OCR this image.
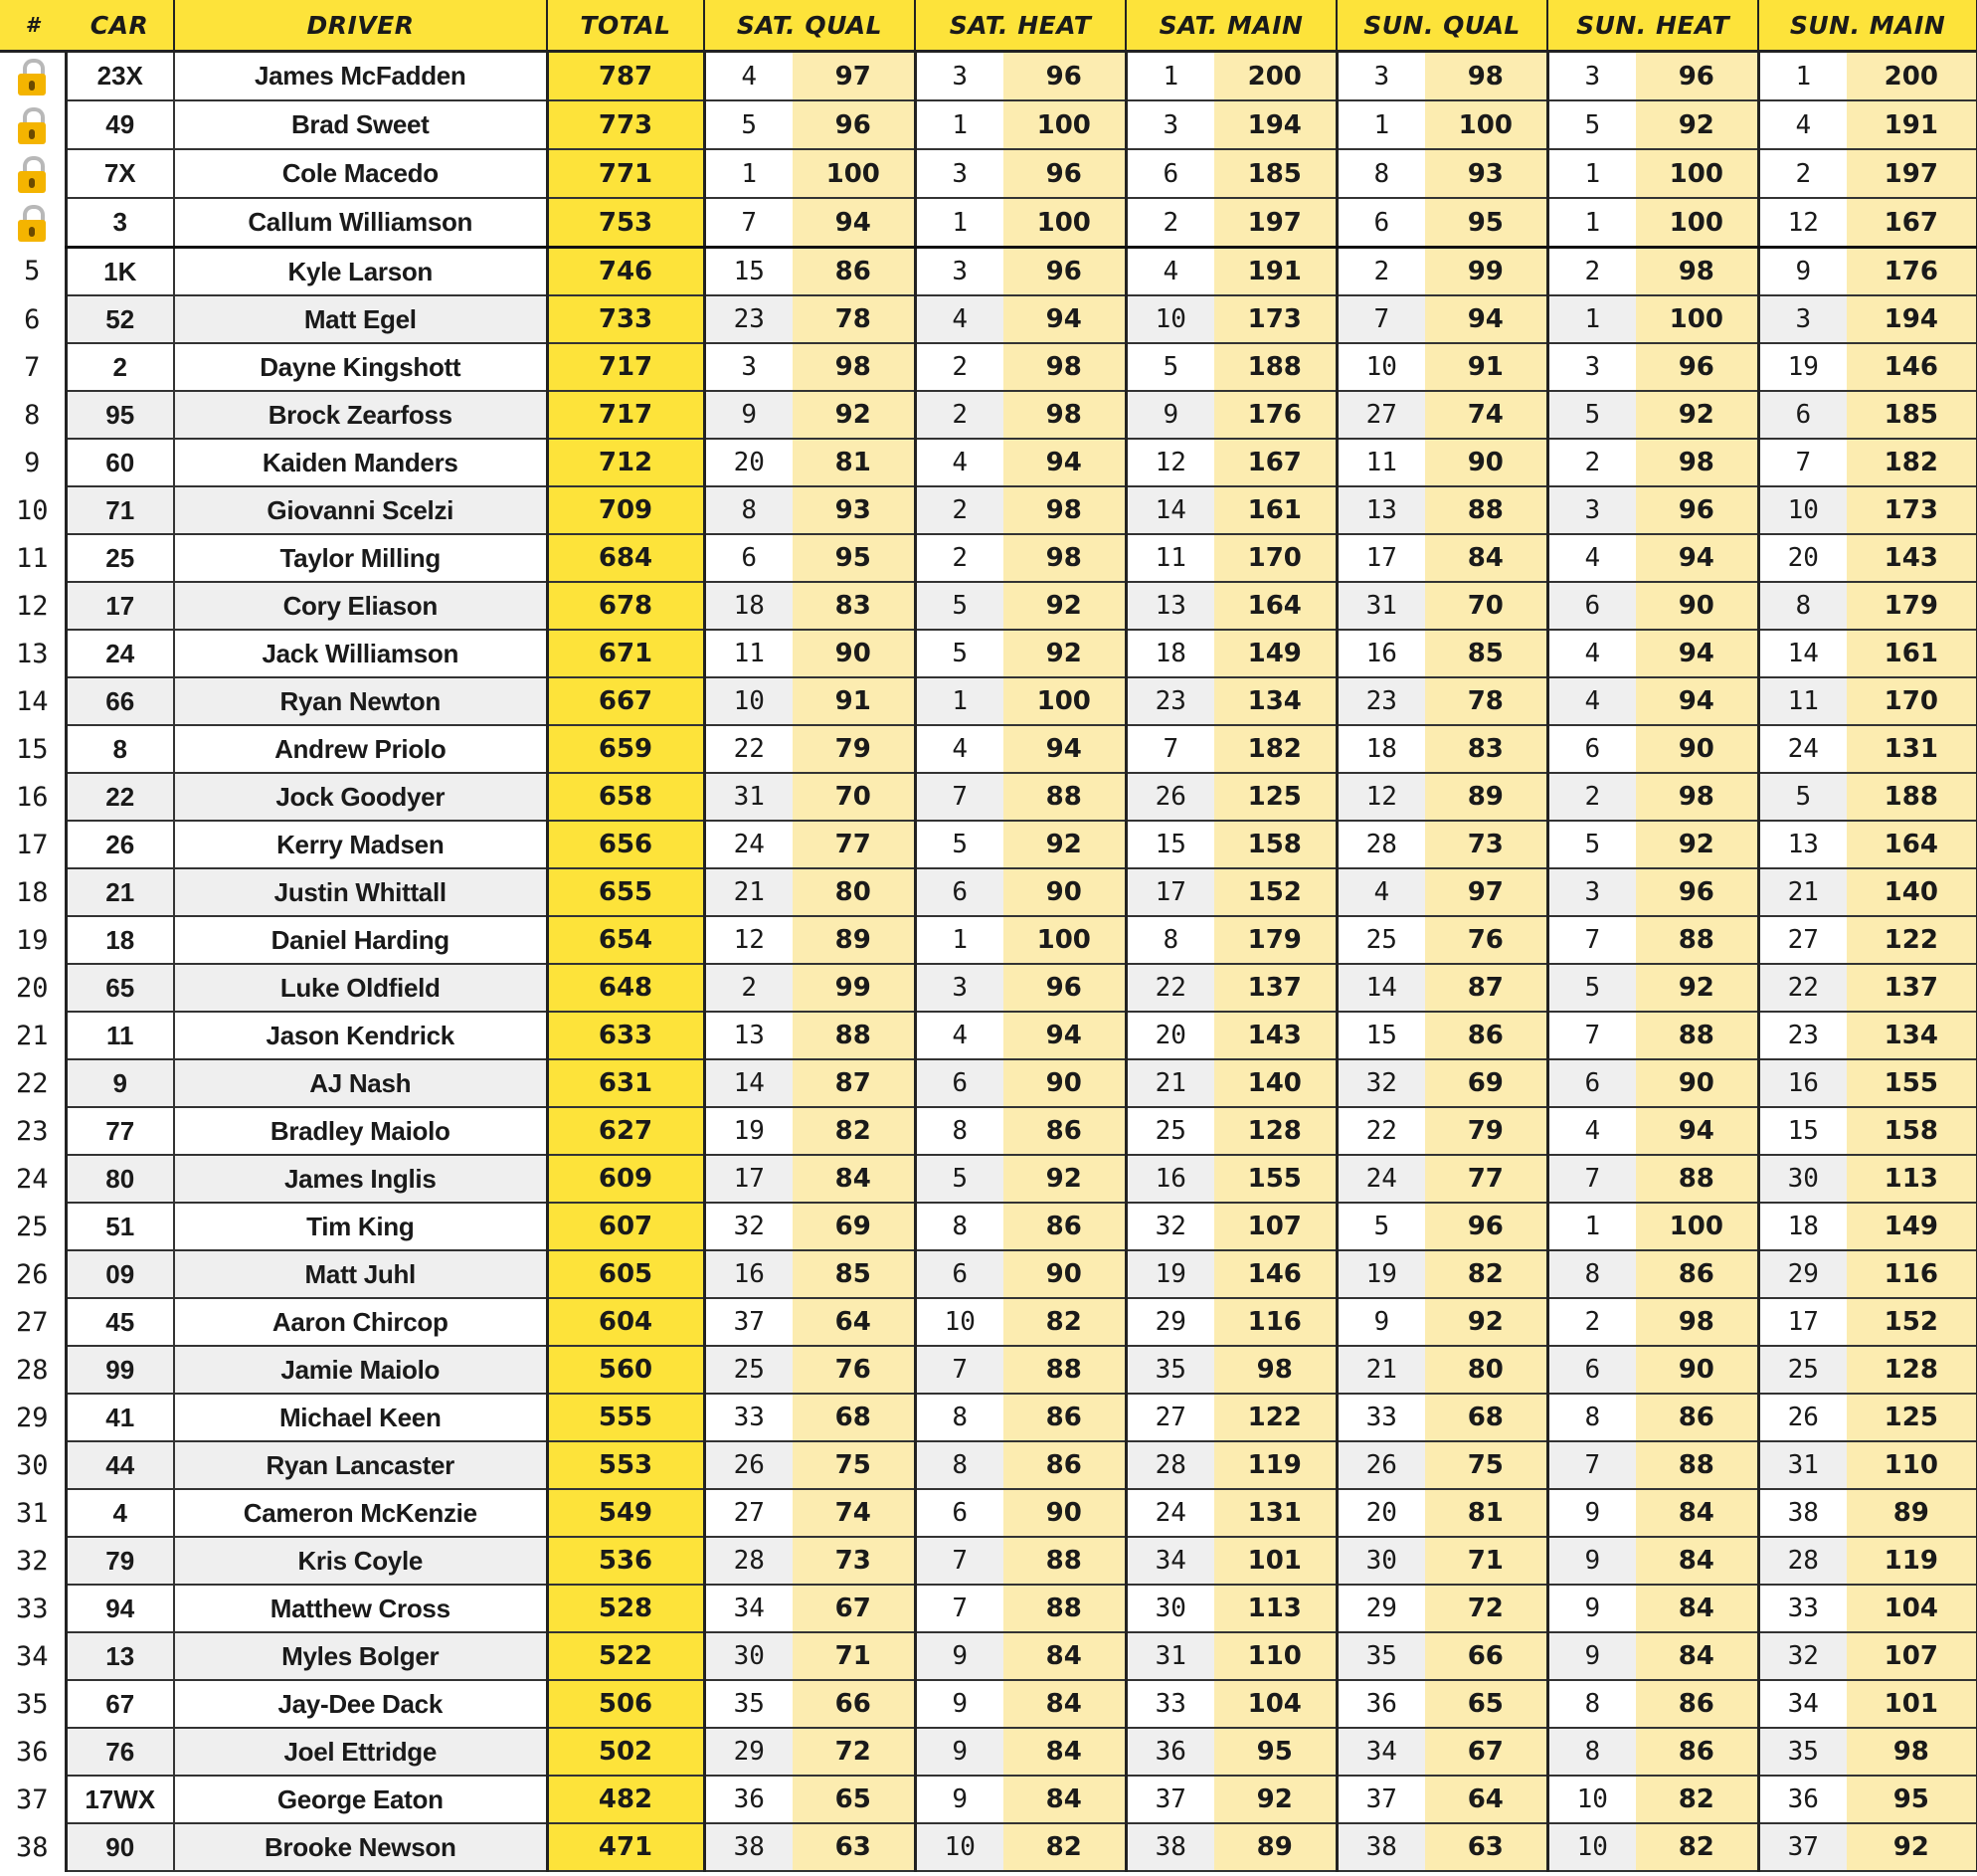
#	CAR	DRIVER	TOTAL	SAT. QUAL		SAT. HEAT		SAT. MAIN		SUN. QUAL		SUN. HEAT		SUN. MAIN	

	23X	James McFadden	787	4	97	3	96	1	200	3	98	3	96	1	200

	49	Brad Sweet	773	5	96	1	100	3	194	1	100	5	92	4	191

	7X	Cole Macedo	771	1	100	3	96	6	185	8	93	1	100	2	197

	3	Callum Williamson	753	7	94	1	100	2	197	6	95	1	100	12	167
5	1K	Kyle Larson	746	15	86	3	96	4	191	2	99	2	98	9	176
6	52	Matt Egel	733	23	78	4	94	10	173	7	94	1	100	3	194
7	2	Dayne Kingshott	717	3	98	2	98	5	188	10	91	3	96	19	146
8	95	Brock Zearfoss	717	9	92	2	98	9	176	27	74	5	92	6	185
9	60	Kaiden Manders	712	20	81	4	94	12	167	11	90	2	98	7	182
10	71	Giovanni Scelzi	709	8	93	2	98	14	161	13	88	3	96	10	173
11	25	Taylor Milling	684	6	95	2	98	11	170	17	84	4	94	20	143
12	17	Cory Eliason	678	18	83	5	92	13	164	31	70	6	90	8	179
13	24	Jack Williamson	671	11	90	5	92	18	149	16	85	4	94	14	161
14	66	Ryan Newton	667	10	91	1	100	23	134	23	78	4	94	11	170
15	8	Andrew Priolo	659	22	79	4	94	7	182	18	83	6	90	24	131
16	22	Jock Goodyer	658	31	70	7	88	26	125	12	89	2	98	5	188
17	26	Kerry Madsen	656	24	77	5	92	15	158	28	73	5	92	13	164
18	21	Justin Whittall	655	21	80	6	90	17	152	4	97	3	96	21	140
19	18	Daniel Harding	654	12	89	1	100	8	179	25	76	7	88	27	122
20	65	Luke Oldfield	648	2	99	3	96	22	137	14	87	5	92	22	137
21	11	Jason Kendrick	633	13	88	4	94	20	143	15	86	7	88	23	134
22	9	AJ Nash	631	14	87	6	90	21	140	32	69	6	90	16	155
23	77	Bradley Maiolo	627	19	82	8	86	25	128	22	79	4	94	15	158
24	80	James Inglis	609	17	84	5	92	16	155	24	77	7	88	30	113
25	51	Tim King	607	32	69	8	86	32	107	5	96	1	100	18	149
26	09	Matt Juhl	605	16	85	6	90	19	146	19	82	8	86	29	116
27	45	Aaron Chircop	604	37	64	10	82	29	116	9	92	2	98	17	152
28	99	Jamie Maiolo	560	25	76	7	88	35	98	21	80	6	90	25	128
29	41	Michael Keen	555	33	68	8	86	27	122	33	68	8	86	26	125
30	44	Ryan Lancaster	553	26	75	8	86	28	119	26	75	7	88	31	110
31	4	Cameron McKenzie	549	27	74	6	90	24	131	20	81	9	84	38	89
32	79	Kris Coyle	536	28	73	7	88	34	101	30	71	9	84	28	119
33	94	Matthew Cross	528	34	67	7	88	30	113	29	72	9	84	33	104
34	13	Myles Bolger	522	30	71	9	84	31	110	35	66	9	84	32	107
35	67	Jay-Dee Dack	506	35	66	9	84	33	104	36	65	8	86	34	101
36	76	Joel Ettridge	502	29	72	9	84	36	95	34	67	8	86	35	98
37	17WX	George Eaton	482	36	65	9	84	37	92	37	64	10	82	36	95
38	90	Brooke Newson	471	38	63	10	82	38	89	38	63	10	82	37	92
